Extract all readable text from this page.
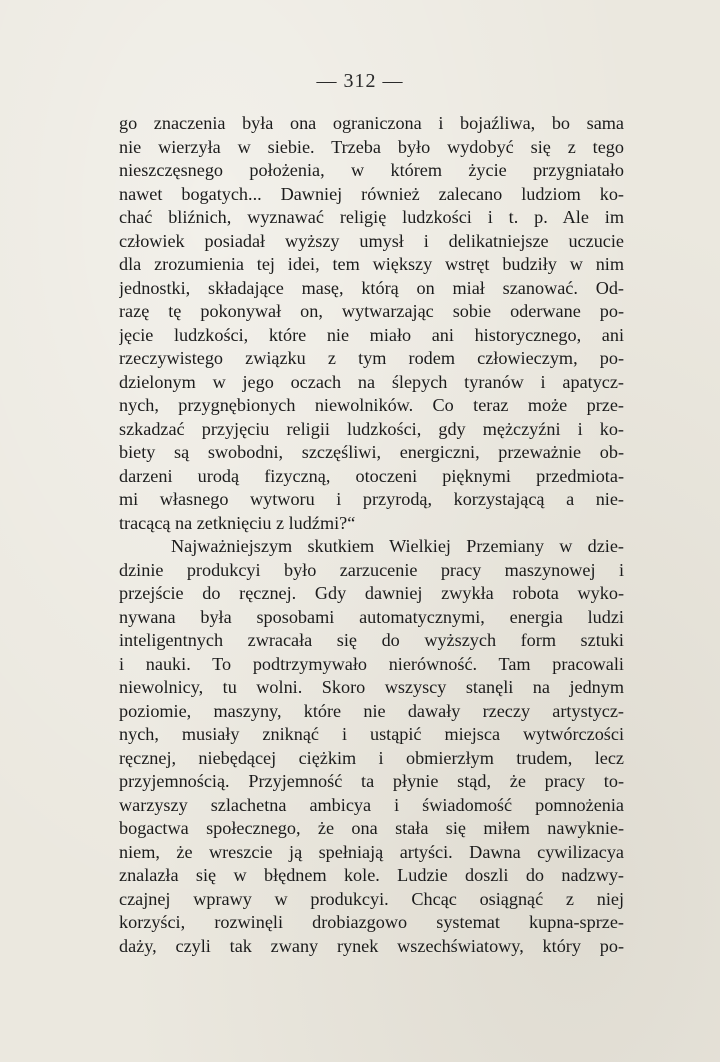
— 312 —
go znaczenia była ona ograniczona i bojaźliwa, bo sama
nie wierzyła w siebie. Trzeba było wydobyć się z tego
nieszczęsnego położenia, w którem życie przygniatało
nawet bogatych... Dawniej również zalecano ludziom ko-
chać bliźnich, wyznawać religię ludzkości i t. p. Ale im
człowiek posiadał wyższy umysł i delikatniejsze uczucie
dla zrozumienia tej idei, tem większy wstręt budziły w nim
jednostki, składające masę, którą on miał szanować. Od-
razę tę pokonywał on, wytwarzając sobie oderwane po-
jęcie ludzkości, które nie miało ani historycznego, ani
rzeczywistego związku z tym rodem człowieczym, po-
dzielonym w jego oczach na ślepych tyranów i apatycz-
nych, przygnębionych niewolników. Co teraz może prze-
szkadzać przyjęciu religii ludzkości, gdy mężczyźni i ko-
biety są swobodni, szczęśliwi, energiczni, przeważnie ob-
darzeni urodą fizyczną, otoczeni pięknymi przedmiota-
mi własnego wytworu i przyrodą, korzystającą a nie-
tracącą na zetknięciu z ludźmi?“
Najważniejszym skutkiem Wielkiej Przemiany w dzie-
dzinie produkcyi było zarzucenie pracy maszynowej i
przejście do ręcznej. Gdy dawniej zwykła robota wyko-
nywana była sposobami automatycznymi, energia ludzi
inteligentnych zwracała się do wyższych form sztuki
i nauki. To podtrzymywało nierówność. Tam pracowali
niewolnicy, tu wolni. Skoro wszyscy stanęli na jednym
poziomie, maszyny, które nie dawały rzeczy artystycz-
nych, musiały zniknąć i ustąpić miejsca wytwórczości
ręcznej, niebędącej ciężkim i obmierzłym trudem, lecz
przyjemnością. Przyjemność ta płynie stąd, że pracy to-
warzyszy szlachetna ambicya i świadomość pomnożenia
bogactwa społecznego, że ona stała się miłem nawyknie-
niem, że wreszcie ją spełniają artyści. Dawna cywilizacya
znalazła się w błędnem kole. Ludzie doszli do nadzwy-
czajnej wprawy w produkcyi. Chcąc osiągnąć z niej
korzyści, rozwinęli drobiazgowo systemat kupna-sprze-
daży, czyli tak zwany rynek wszechświatowy, który po-
